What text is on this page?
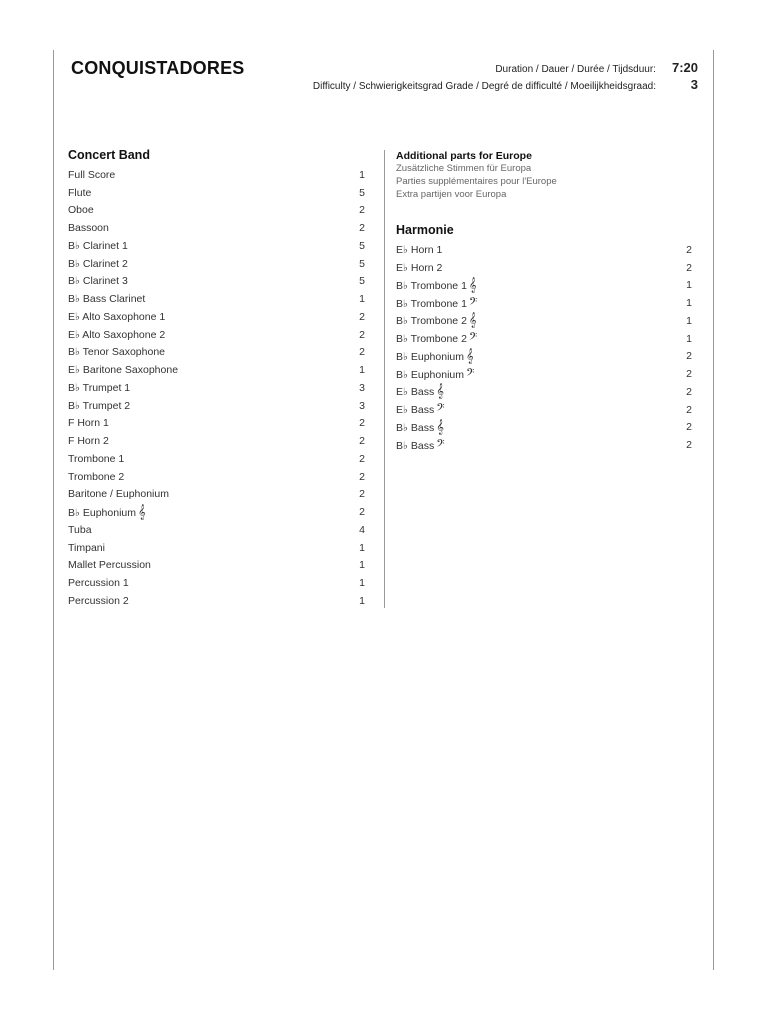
CONQUISTADORES	Duration / Dauer / Durée / Tijdsduur: 7:20
Difficulty / Schwierigkeitsgrad Grade / Degré de difficulté / Moeilijkheidsgraad:	3
Concert Band
Full Score	1
Flute	5
Oboe	2
Bassoon	2
B♭ Clarinet 1	5
B♭ Clarinet 2	5
B♭ Clarinet 3	5
B♭ Bass Clarinet	1
E♭ Alto Saxophone 1	2
E♭ Alto Saxophone 2	2
B♭ Tenor Saxophone	2
E♭ Baritone Saxophone	1
B♭ Trumpet 1	3
B♭ Trumpet 2	3
F Horn 1	2
F Horn 2	2
Trombone 1	2
Trombone 2	2
Baritone / Euphonium	2
B♭ Euphonium 𝄞	2
Tuba	4
Timpani	1
Mallet Percussion	1
Percussion 1	1
Percussion 2	1

Additional parts for Europe

Zusätzliche Stimmen für Europa
Parties supplémentaires pour l'Europe
Extra partijen voor Europa
Harmonie
E♭ Horn 1	2
E♭ Horn 2	2
B♭ Trombone 1 𝄞	1
B♭ Trombone 1 𝄢	1
B♭ Trombone 2 𝄞	1
B♭ Trombone 2 𝄢	1
B♭ Euphonium 𝄞	2
B♭ Euphonium 𝄢	2
E♭ Bass 𝄞	2
E♭ Bass 𝄢	2
B♭ Bass 𝄞	2
B♭ Bass 𝄢	2
